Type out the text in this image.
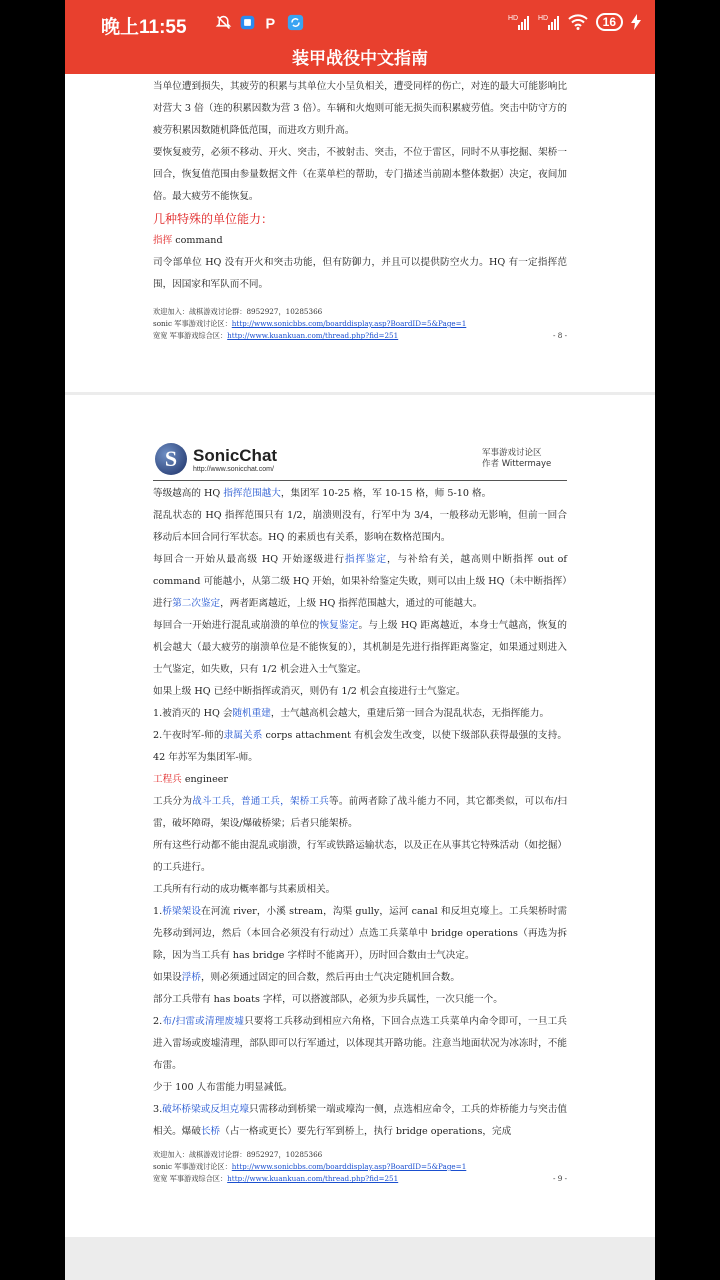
晚上11:55	P	HD	HD	16
装甲战役中文指南

当单位遭到损失，其疲劳的积累与其单位大小呈负相关，遭受同样的伤亡，对连的最大可能影响比对营大 3 倍（连的积累因数为营 3 倍）。车辆和火炮则可能无损失而积累疲劳值。突击中防守方的疲劳积累因数随机降低范围，而进攻方则升高。

要恢复疲劳，必须不移动、开火、突击，不被射击、突击，不位于雷区，同时不从事挖掘、架桥一回合，恢复值范围由参量数据文件（在菜单栏的帮助，专门描述当前剧本整体数据）决定，夜间加倍。最大疲劳不能恢复。

几种特殊的单位能力：

指挥 command

司令部单位 HQ 没有开火和突击功能，但有防御力，并且可以提供防空火力。HQ 有一定指挥范围，因国家和军队而不同。

欢迎加入：战棋游戏讨论群：8952927，10285366
sonic 军事游戏讨论区：http://www.sonicbbs.com/boarddisplay.asp?BoardID=5&Page=1
宽宽 军事游戏综合区：http://www.kuankuan.com/thread.php?fid=251	- 8 -
S SonicChat
http://www.sonicchat.com/
军事游戏讨论区
作者 Wittermaye

等级越高的 HQ 指挥范围越大，集团军 10-25 格，军 10-15 格，师 5-10 格。

混乱状态的 HQ 指挥范围只有 1/2，崩溃则没有，行军中为 3/4，一般移动无影响，但前一回合移动后本回合同行军状态。HQ 的素质也有关系，影响在数格范围内。

每回合一开始从最高级 HQ 开始逐级进行指挥鉴定，与补给有关，越高则中断指挥 out of command 可能越小，从第二级 HQ 开始，如果补给鉴定失败，则可以由上级 HQ（未中断指挥）进行第二次鉴定，两者距离越近，上级 HQ 指挥范围越大，通过的可能越大。

每回合一开始进行混乱或崩溃的单位的恢复鉴定。与上级 HQ 距离越近，本身士气越高，恢复的机会越大（最大疲劳的崩溃单位是不能恢复的），其机制是先进行指挥距离鉴定，如果通过则进入士气鉴定，如失败，只有 1/2 机会进入士气鉴定。

如果上级 HQ 已经中断指挥或消灭，则仍有 1/2 机会直接进行士气鉴定。

1.被消灭的 HQ 会随机重建，士气越高机会越大，重建后第一回合为混乱状态，无指挥能力。

2.午夜时军-师的隶属关系 corps attachment 有机会发生改变，以使下级部队获得最强的支持。42 年苏军为集团军-师。

工程兵 engineer

工兵分为战斗工兵，普通工兵，架桥工兵等。前两者除了战斗能力不同，其它都类似，可以布/扫雷，破坏障碍，架设/爆破桥梁；后者只能架桥。

所有这些行动都不能由混乱或崩溃，行军或铁路运输状态，以及正在从事其它特殊活动（如挖掘）的工兵进行。

工兵所有行动的成功概率都与其素质相关。

1.桥梁架设在河流 river，小溪 stream，沟渠 gully，运河 canal 和反坦克壕上。工兵架桥时需先移动到河边，然后（本回合必须没有行动过）点选工兵菜单中 bridge operations（再选为拆除，因为当工兵有 has bridge 字样时不能离开），历时回合数由士气决定。

如果设浮桥，则必须通过固定的回合数，然后再由士气决定随机回合数。

部分工兵带有 has boats 字样，可以搭渡部队，必须为步兵属性，一次只能一个。

2.布/扫雷或清理废墟只要将工兵移动到相应六角格，下回合点选工兵菜单内命令即可，一旦工兵进入雷场或废墟清理，部队即可以行军通过，以体现其开路功能。注意当地面状况为冰冻时，不能布雷。

少于 100 人布雷能力明显减低。

3.破坏桥梁或反坦克壕只需移动到桥梁一端或壕沟一侧，点选相应命令，工兵的炸桥能力与突击值相关。爆破长桥（占一格或更长）要先行军到桥上，执行 bridge operations，完成

欢迎加入：战棋游戏讨论群：8952927，10285366
sonic 军事游戏讨论区：http://www.sonicbbs.com/boarddisplay.asp?BoardID=5&Page=1
宽宽 军事游戏综合区：http://www.kuankuan.com/thread.php?fid=251	- 9 -
